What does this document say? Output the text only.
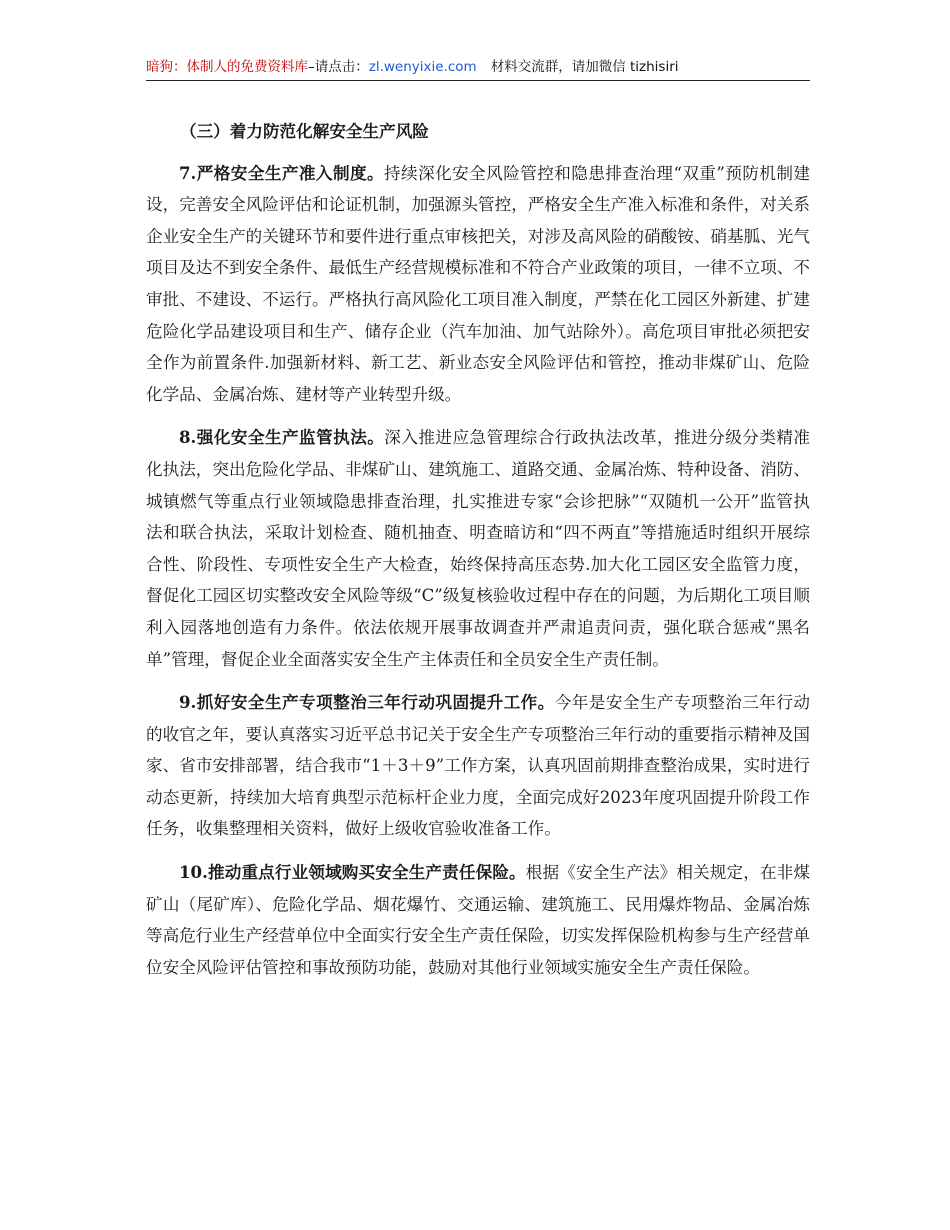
暗狗：体制人的免费资料库–请点击：zl.wenyixie.com 材料交流群，请加微信 tizhisiri
（三）着力防范化解安全生产风险

7.严格安全生产准入制度。持续深化安全风险管控和隐患排查治理“双重”预防机制建设，完善安全风险评估和论证机制，加强源头管控，严格安全生产准入标准和条件，对关系企业安全生产的关键环节和要件进行重点审核把关，对涉及高风险的硝酸铵、硝基胍、光气项目及达不到安全条件、最低生产经营规模标准和不符合产业政策的项目，一律不立项、不审批、不建设、不运行。严格执行高风险化工项目准入制度，严禁在化工园区外新建、扩建危险化学品建设项目和生产、储存企业（汽车加油、加气站除外）。高危项目审批必须把安全作为前置条件.加强新材料、新工艺、新业态安全风险评估和管控，推动非煤矿山、危险化学品、金属冶炼、建材等产业转型升级。

8.强化安全生产监管执法。深入推进应急管理综合行政执法改革，推进分级分类精准化执法，突出危险化学品、非煤矿山、建筑施工、道路交通、金属冶炼、特种设备、消防、城镇燃气等重点行业领域隐患排查治理，扎实推进专家“会诊把脉”“双随机一公开”监管执法和联合执法，采取计划检查、随机抽查、明查暗访和“四不两直”等措施适时组织开展综合性、阶段性、专项性安全生产大检查，始终保持高压态势.加大化工园区安全监管力度，督促化工园区切实整改安全风险等级“C”级复核验收过程中存在的问题，为后期化工项目顺利入园落地创造有力条件。依法依规开展事故调查并严肃追责问责，强化联合惩戒“黑名单”管理，督促企业全面落实安全生产主体责任和全员安全生产责任制。

9.抓好安全生产专项整治三年行动巩固提升工作。今年是安全生产专项整治三年行动的收官之年，要认真落实习近平总书记关于安全生产专项整治三年行动的重要指示精神及国家、省市安排部署，结合我市“1＋3＋9”工作方案，认真巩固前期排查整治成果，实时进行动态更新，持续加大培育典型示范标杆企业力度，全面完成好2023年度巩固提升阶段工作任务，收集整理相关资料，做好上级收官验收准备工作。

10.推动重点行业领域购买安全生产责任保险。根据《安全生产法》相关规定，在非煤矿山（尾矿库）、危险化学品、烟花爆竹、交通运输、建筑施工、民用爆炸物品、金属冶炼等高危行业生产经营单位中全面实行安全生产责任保险，切实发挥保险机构参与生产经营单位安全风险评估管控和事故预防功能，鼓励对其他行业领域实施安全生产责任保险。
